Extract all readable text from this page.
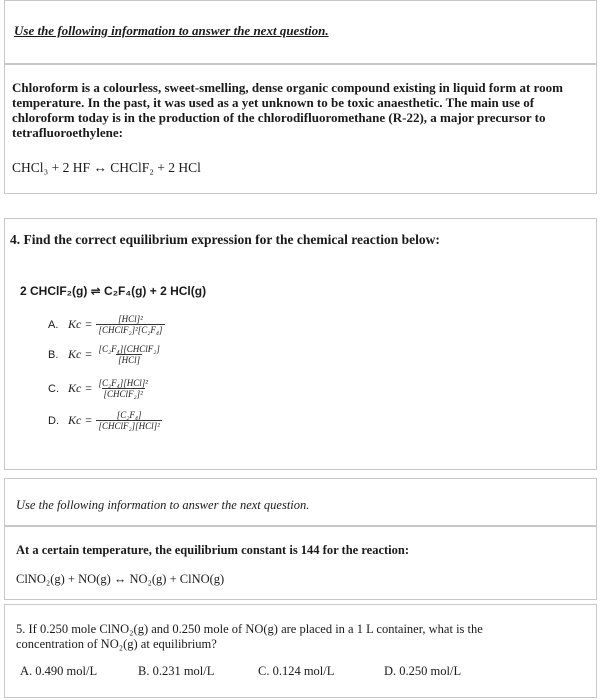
Use the following information to answer the next question.
Chloroform is a colourless, sweet-smelling, dense organic compound existing in liquid form at room temperature. In the past, it was used as a yet unknown to be toxic anaesthetic. The main use of chloroform today is in the production of the chlorodifluoromethane (R-22), a major precursor to tetrafluoroethylene:
CHCl₃ + 2 HF ↔ CHClF₂ + 2 HCl
4. Find the correct equilibrium expression for the chemical reaction below:
2 CHClF₂(g) ⇌ C₂F₄(g) + 2 HCl(g)
A. $Kc = \frac{\text{[HCl]²}}{\text{[CHClF₂]²[C₂F₄]}}$
B. $Kc = \frac{\text{[C₂F₄][CHClF₂]}}{\text{[HCl]}}$
C. $Kc = \frac{\text{[C₂F₄][HCl]²}}{\text{[CHClF₂]²}}$
D. $Kc = \frac{\text{[C₂F₄]}}{\text{[CHClF₂][HCl]²}}$
Use the following information to answer the next question.
At a certain temperature, the equilibrium constant is 144 for the reaction:
ClNO₂(g) + NO(g) ↔ NO₂(g) + ClNO(g)
5. If 0.250 mole ClNO₂(g) and 0.250 mole of NO(g) are placed in a 1 L container, what is the concentration of NO₂(g) at equilibrium?
A. 0.490 mol/L	B. 0.231 mol/L	C. 0.124 mol/L	D. 0.250 mol/L
